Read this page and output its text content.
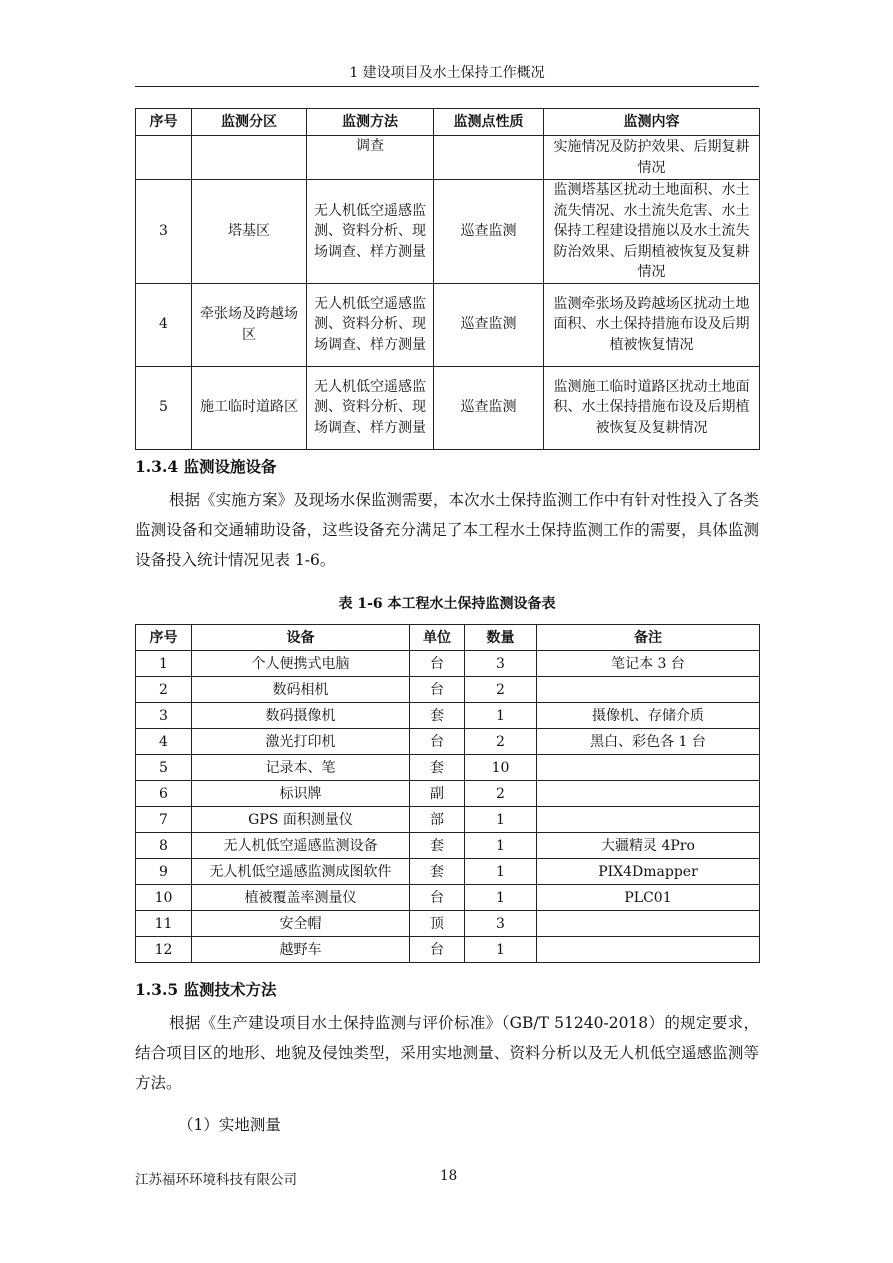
1 建设项目及水土保持工作概况
序号	监测分区	监测方法	监测点性质	监测内容
		调查		实施情况及防护效果、后期复耕情况
3	塔基区	无人机低空遥感监测、资料分析、现场调查、样方测量	巡查监测	监测塔基区扰动土地面积、水土流失情况、水土流失危害、水土保持工程建设措施以及水土流失防治效果、后期植被恢复及复耕情况
4	牵张场及跨越场区	无人机低空遥感监测、资料分析、现场调查、样方测量	巡查监测	监测牵张场及跨越场区扰动土地面积、水土保持措施布设及后期植被恢复情况
5	施工临时道路区	无人机低空遥感监测、资料分析、现场调查、样方测量	巡查监测	监测施工临时道路区扰动土地面积、水土保持措施布设及后期植被恢复及复耕情况
1.3.4 监测设施设备
根据《实施方案》及现场水保监测需要，本次水土保持监测工作中有针对性投入了各类监测设备和交通辅助设备，这些设备充分满足了本工程水土保持监测工作的需要，具体监测设备投入统计情况见表 1-6。
表 1-6 本工程水土保持监测设备表
序号	设备	单位	数量	备注
1	个人便携式电脑	台	3	笔记本 3 台
2	数码相机	台	2	
3	数码摄像机	套	1	摄像机、存储介质
4	激光打印机	台	2	黑白、彩色各 1 台
5	记录本、笔	套	10	
6	标识牌	副	2	
7	GPS 面积测量仪	部	1	
8	无人机低空遥感监测设备	套	1	大疆精灵 4Pro
9	无人机低空遥感监测成图软件	套	1	PIX4Dmapper
10	植被覆盖率测量仪	台	1	PLC01
11	安全帽	顶	3	
12	越野车	台	1	
1.3.5 监测技术方法
根据《生产建设项目水土保持监测与评价标准》（GB/T 51240-2018）的规定要求，结合项目区的地形、地貌及侵蚀类型，采用实地测量、资料分析以及无人机低空遥感监测等方法。
（1）实地测量
江苏福环环境科技有限公司	18
